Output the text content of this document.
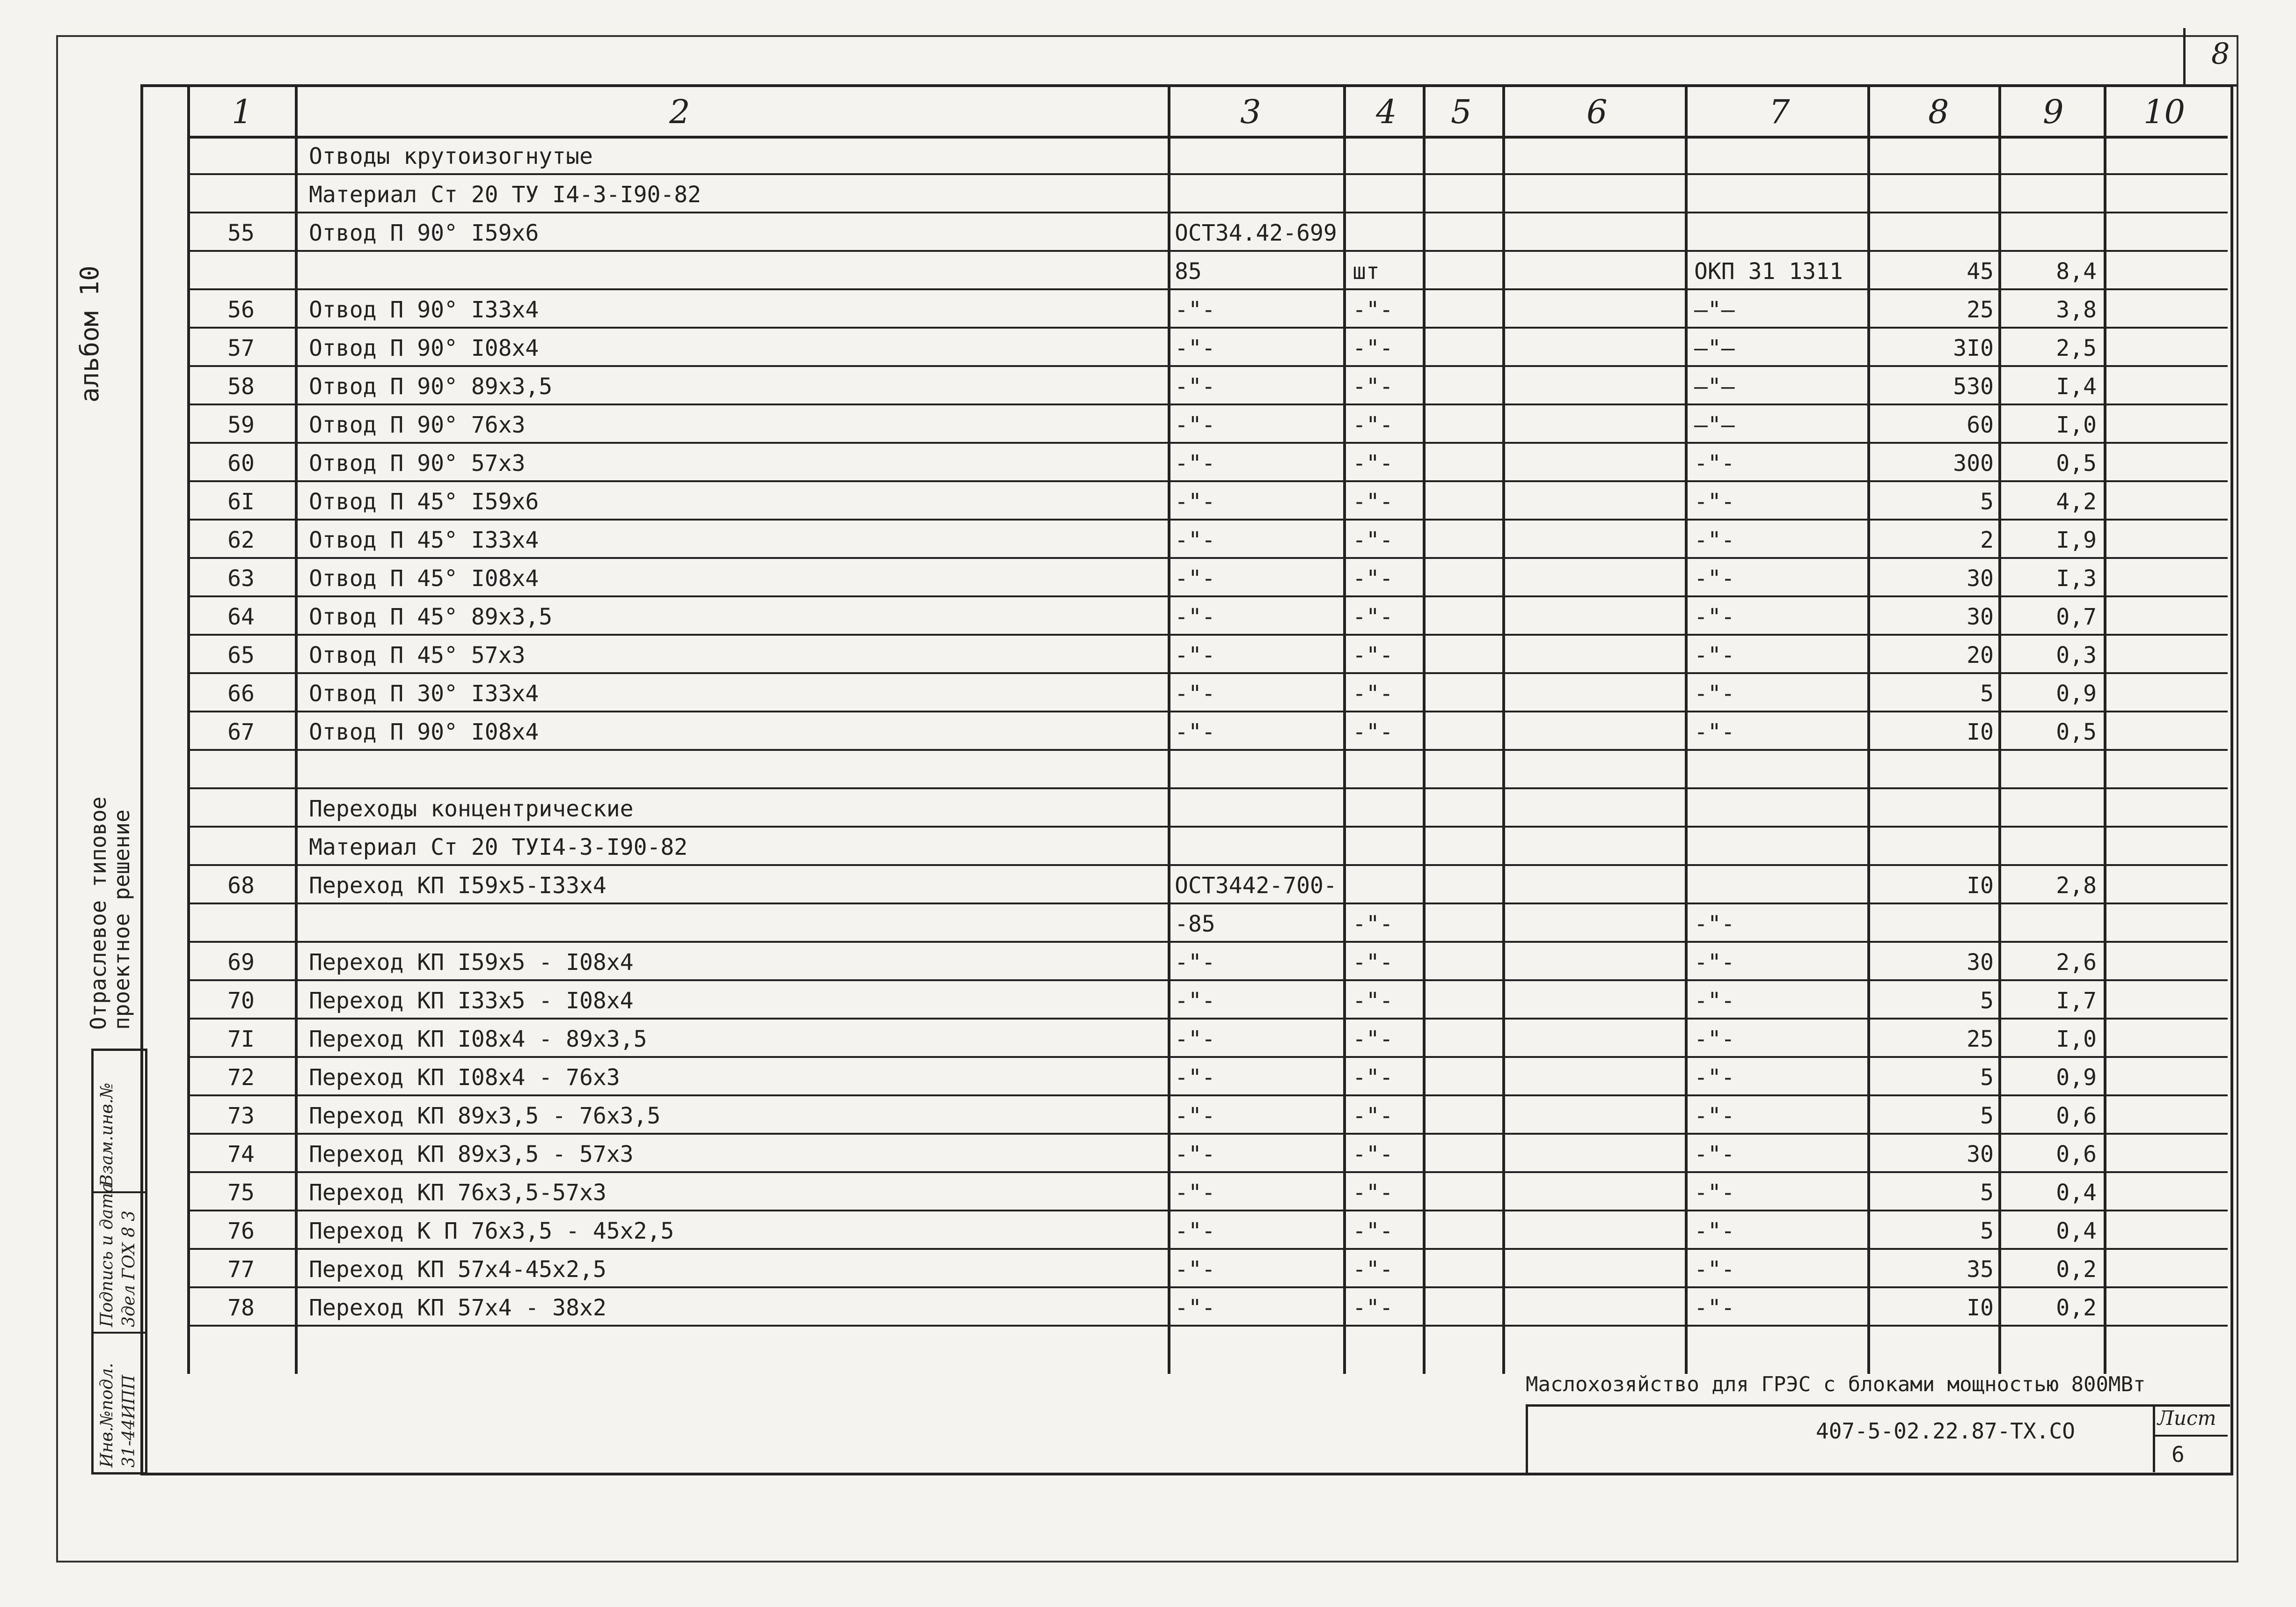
8
альбом 10
Отраслевое типовое
проектное решение
Инв.№подл.
Подпись и дата
Взам.инв.№
31-44ИПП
3дел ГОХ 8 3
1	2	3	4 5	6	7	8	9 10
Отводы крутоизогнутые
Материал Ст 20 ТУ I4-3-I90-82
55	Отвод П 90° I59x6	ОСТ34.42-699
85	шт	ОКП 31 1311	45	8,4
56	Отвод П 90° I33x4	-"-	-"-	—"—	25	3,8
57	Отвод П 90° I08x4	-"-	-"-	—"—	3I0	2,5
58	Отвод П 90° 89x3,5	-"-	-"-	—"—	530	I,4
59	Отвод П 90° 76x3	-"-	-"-	—"—	60	I,0
60	Отвод П 90° 57x3	-"-	-"-	-"-	300	0,5
6I	Отвод П 45° I59x6	-"-	-"-	-"-	5	4,2
62	Отвод П 45° I33x4	-"-	-"-	-"-	2	I,9
63	Отвод П 45° I08x4	-"-	-"-	-"-	30	I,3
64	Отвод П 45° 89x3,5	-"-	-"-	-"-	30	0,7
65	Отвод П 45° 57x3	-"-	-"-	-"-	20	0,3
66	Отвод П 30° I33x4	-"-	-"-	-"-	5	0,9
67	Отвод П 90° I08x4	-"-	-"-	-"-	I0	0,5
Переходы концентрические
Материал Ст 20 ТУI4-3-I90-82
68	Переход КП I59x5-I33x4	ОСТ3442-700-	I0	2,8
-85	-"-	-"-
69	Переход КП I59x5 - I08x4	-"-	-"-	-"-	30	2,6
70	Переход КП I33x5 - I08x4	-"-	-"-	-"-	5	I,7
7I	Переход КП I08x4 - 89x3,5	-"-	-"-	-"-	25	I,0
72	Переход КП I08x4 - 76x3	-"-	-"-	-"-	5	0,9
73	Переход КП 89x3,5 - 76x3,5	-"-	-"-	-"-	5	0,6
74	Переход КП 89x3,5 - 57x3	-"-	-"-	-"-	30	0,6
75	Переход КП 76x3,5-57x3	-"-	-"-	-"-	5	0,4
76	Переход К П 76x3,5 - 45x2,5	-"-	-"-	-"-	5	0,4
77	Переход КП 57x4-45x2,5	-"-	-"-	-"-	35	0,2
78	Переход КП 57x4 - 38x2	-"-	-"-	-"-	I0	0,2
Маслохозяйство для ГРЭС с блоками мощностью 800МВт
407-5-02.22.87-ТХ.СО
Лист
6
